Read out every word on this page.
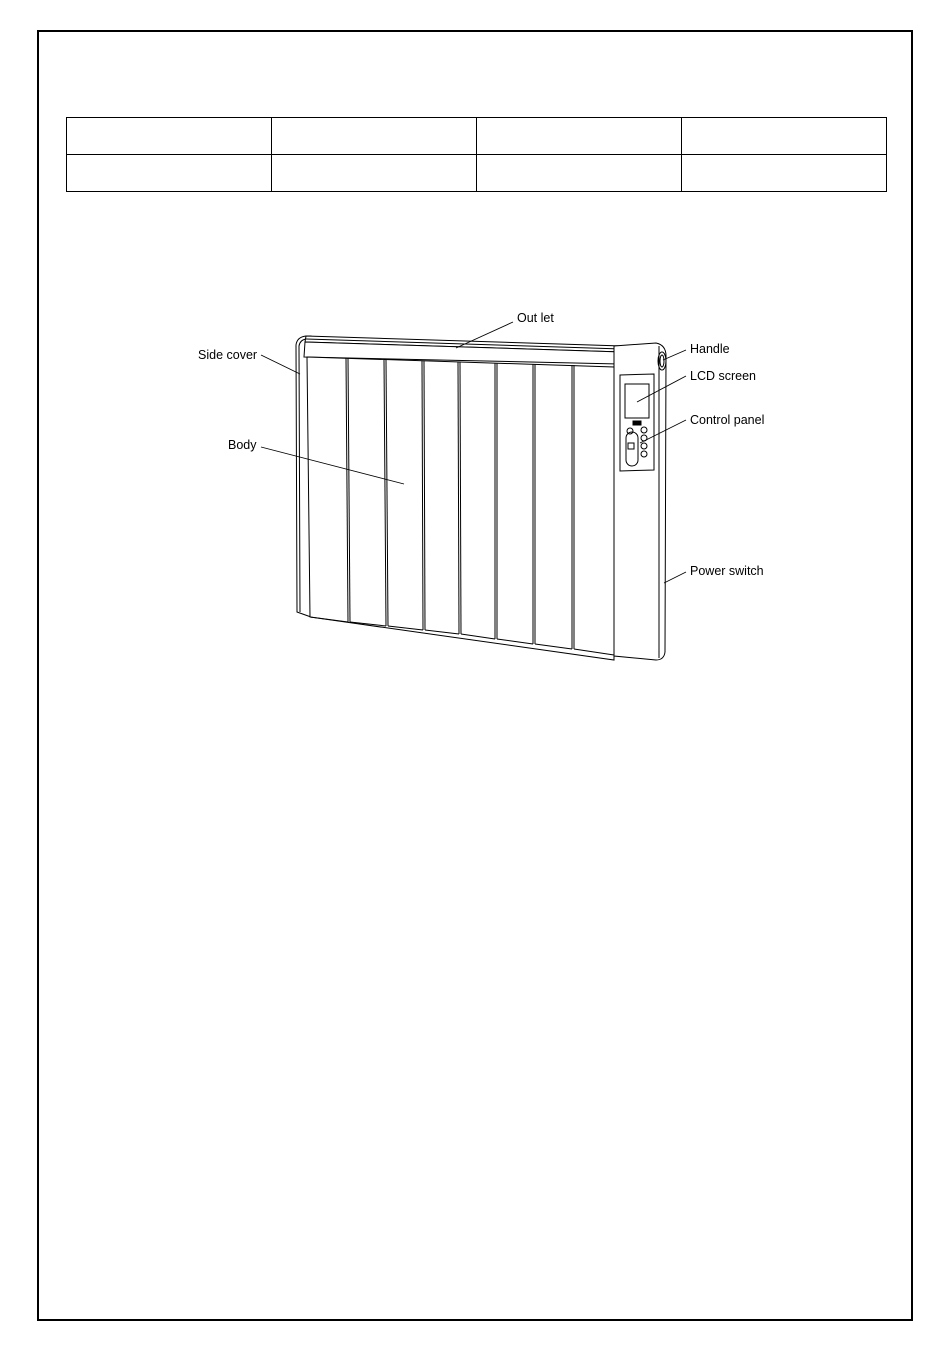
Out let
Side cover	Handle
LCD screen
Control panel
Body
Power switch
